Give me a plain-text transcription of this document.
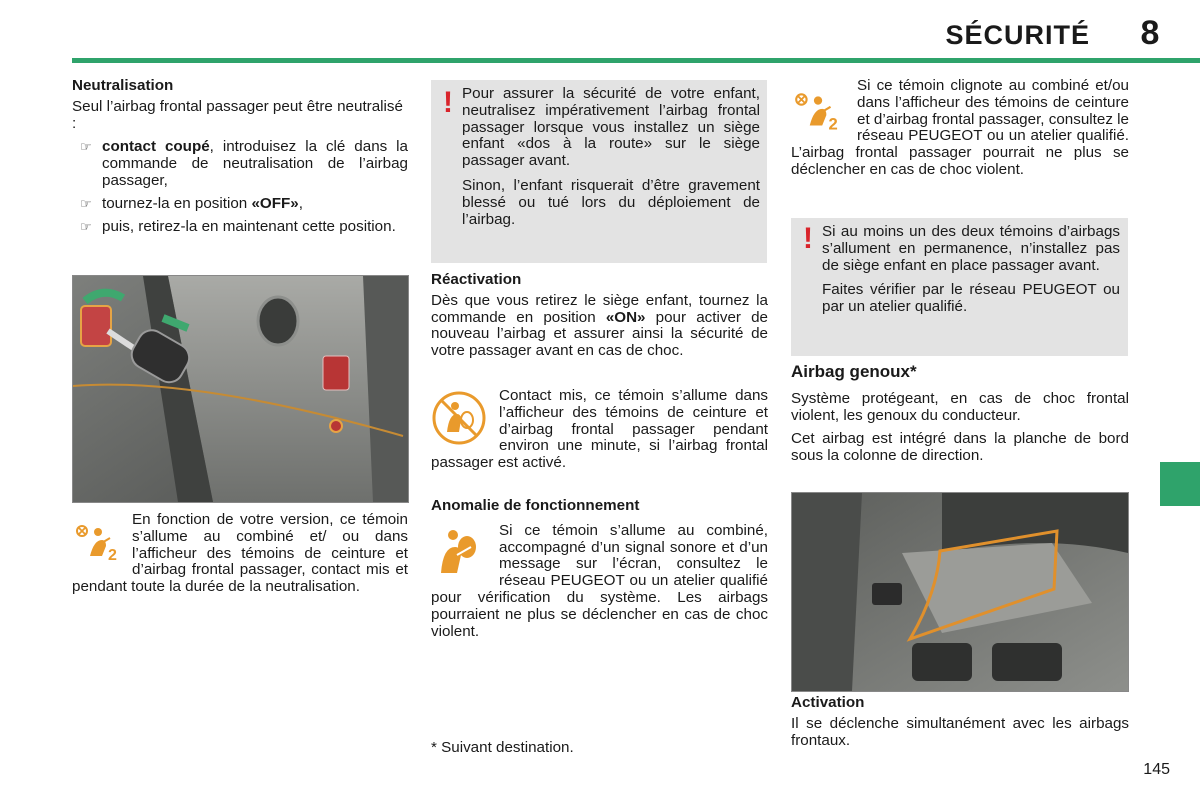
SÉCURITÉ	8
Neutralisation

Seul l’airbag frontal passager peut être neutralisé :

☞ contact coupé, introduisez la clé dans la commande de neutralisation de l’airbag passager,
☞ tournez-la en position «OFF»,
☞ puis, retirez-la en maintenant cette position.
2

En fonction de votre version, ce témoin s’allume au combiné et/ ou dans l’afficheur des témoins de ceinture et d’airbag frontal passager, contact mis et pendant toute la durée de la neutralisation.

! Pour assurer la sécurité de votre enfant, neutralisez impérativement l’airbag frontal passager lorsque vous installez un siège enfant «dos à la route» sur le siège passager avant.

Sinon, l’enfant risquerait d’être gravement blessé ou tué lors du déploiement de l’airbag.

Réactivation

Dès que vous retirez le siège enfant, tournez la commande en position «ON» pour activer de nouveau l’airbag et assurer ainsi la sécurité de votre passager avant en cas de choc.

Contact mis, ce témoin s’allume dans l’afficheur des témoins de ceinture et d’airbag frontal passager pendant environ une minute, si l’airbag frontal passager est activé.

Anomalie de fonctionnement

Si ce témoin s’allume au combiné, accompagné d’un signal sonore et d’un message sur l’écran, consultez le réseau PEUGEOT ou un atelier qualifié pour vérification du système. Les airbags pourraient ne plus se déclencher en cas de choc violent.

* Suivant destination.

2

Si ce témoin clignote au combiné et/ou dans l’afficheur des témoins de ceinture et d’airbag frontal passager, consultez le réseau PEUGEOT ou un atelier qualifié. L’airbag frontal passager pourrait ne plus se déclencher en cas de choc violent.

! Si au moins un des deux témoins d’airbags s’allument en permanence, n’installez pas de siège enfant en place passager avant.

Faites vérifier par le réseau PEUGEOT ou par un atelier qualifié.

Airbag genoux*

Système protégeant, en cas de choc frontal violent, les genoux du conducteur.

Cet airbag est intégré dans la planche de bord sous la colonne de direction.

Activation

Il se déclenche simultanément avec les airbags frontaux.

145
